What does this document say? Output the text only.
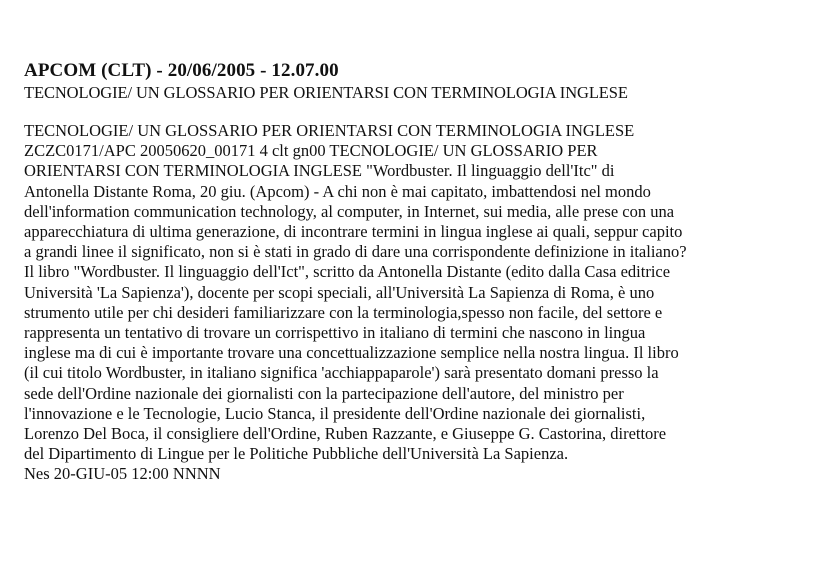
APCOM (CLT) - 20/06/2005 - 12.07.00
TECNOLOGIE/ UN GLOSSARIO PER ORIENTARSI CON TERMINOLOGIA INGLESE
TECNOLOGIE/ UN GLOSSARIO PER ORIENTARSI CON TERMINOLOGIA INGLESE
ZCZC0171/APC 20050620_00171 4 clt gn00 TECNOLOGIE/ UN GLOSSARIO PER
ORIENTARSI CON TERMINOLOGIA INGLESE "Wordbuster. Il linguaggio dell'Itc" di
Antonella Distante Roma, 20 giu. (Apcom) - A chi non è mai capitato, imbattendosi nel mondo
dell'information communication technology, al computer, in Internet, sui media, alle prese con una
apparecchiatura di ultima generazione, di incontrare termini in lingua inglese ai quali, seppur capito
a grandi linee il significato, non si è stati in grado di dare una corrispondente definizione in italiano?
Il libro "Wordbuster. Il linguaggio dell'Ict", scritto da Antonella Distante (edito dalla Casa editrice
Università 'La Sapienza'), docente per scopi speciali, all'Università La Sapienza di Roma, è uno
strumento utile per chi desideri familiarizzare con la terminologia,spesso non facile, del settore e
rappresenta un tentativo di trovare un corrispettivo in italiano di termini che nascono in lingua
inglese ma di cui è importante trovare una concettualizzazione semplice nella nostra lingua. Il libro
(il cui titolo Wordbuster, in italiano significa 'acchiappaparole') sarà presentato domani presso la
sede dell'Ordine nazionale dei giornalisti con la partecipazione dell'autore, del ministro per
l'innovazione e le Tecnologie, Lucio Stanca, il presidente dell'Ordine nazionale dei giornalisti,
Lorenzo Del Boca, il consigliere dell'Ordine, Ruben Razzante, e Giuseppe G. Castorina, direttore
del Dipartimento di Lingue per le Politiche Pubbliche dell'Università La Sapienza.
Nes 20-GIU-05 12:00 NNNN
